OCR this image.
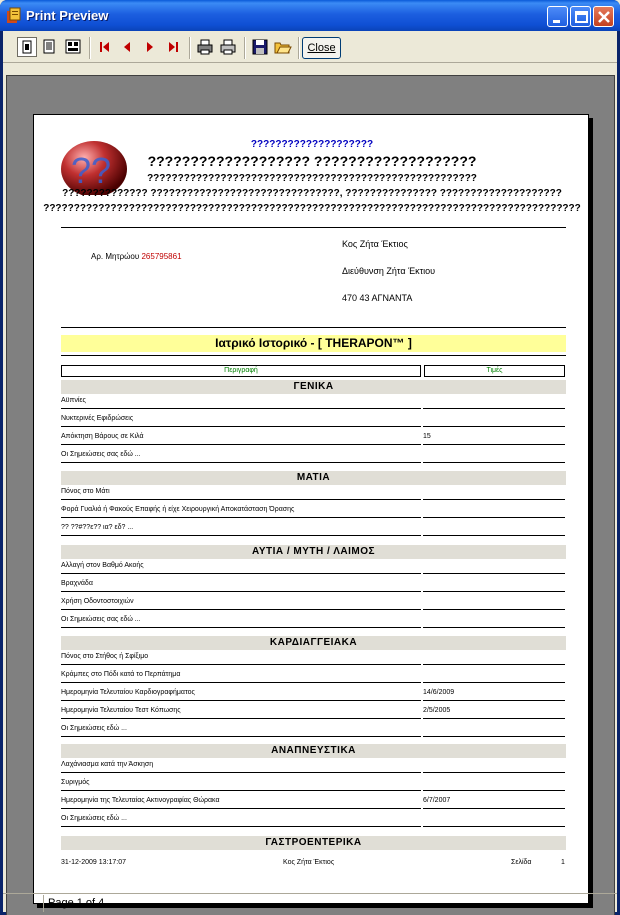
Print Preview
Close
??
????????????????????
??????????????????? ???????????????????
??????????????????????????????????????????????????????
?????????????? ???????????????????????????????, ??????????????? ????????????????????
????????????????????????????????????????????????????????????????????????????????????????
Αρ. Μητρώου 265795861
Κος Ζήτα Έκτιος
Διεύθυνση Ζήτα Έκτιου
470 43 ΑΓΝΑΝΤΑ
Ιατρικό Ιστορικό - [ THERAPON™ ]
Περιγραφή	Τιμές
ΓΕΝΙΚΑ
Αϋπνίες
Νυκτερινές Εφιδρώσεις
Απόκτηση Βάρους σε Κιλά	15
Οι Σημειώσεις σας εδώ ...
ΜΑΤΙΑ
Πόνος στο Μάτι
Φορά Γυαλιά ή Φακούς Επαφής ή είχε Χειρουργική Αποκατάσταση Όρασης
?? ??#??ε?? ια? εδ? ...
ΑΥΤΙΑ / ΜΥΤΗ / ΛΑΙΜΟΣ
Αλλαγή στον Βαθμό Ακοής
Βραχνάδα
Χρήση Οδοντοστοιχιών
Οι Σημειώσεις σας εδώ ...
ΚΑΡΔΙΑΓΓΕΙΑΚΑ
Πόνος στο Στήθος ή Σφίξιμο
Κράμπες στο Πόδι κατά το Περπάτημα
Ημερομηνία Τελευταίου Καρδιογραφήματος	14/6/2009
Ημερομηνία Τελευταίου Τεστ Κόπωσης	2/5/2005
Οι Σημειώσεις εδώ ...
ΑΝΑΠΝΕΥΣΤΙΚΑ
Λαχάνιασμα κατά την Άσκηση
Συριγμός
Ημερομηνία της Τελευταίας Ακτινογραφίας Θώρακα	6/7/2007
Οι Σημειώσεις εδώ ...
ΓΑΣΤΡΟΕΝΤΕΡΙΚΑ
31-12-2009 13:17:07	Κος Ζήτα Έκτιος	Σελίδα	1
Page 1 of 4
